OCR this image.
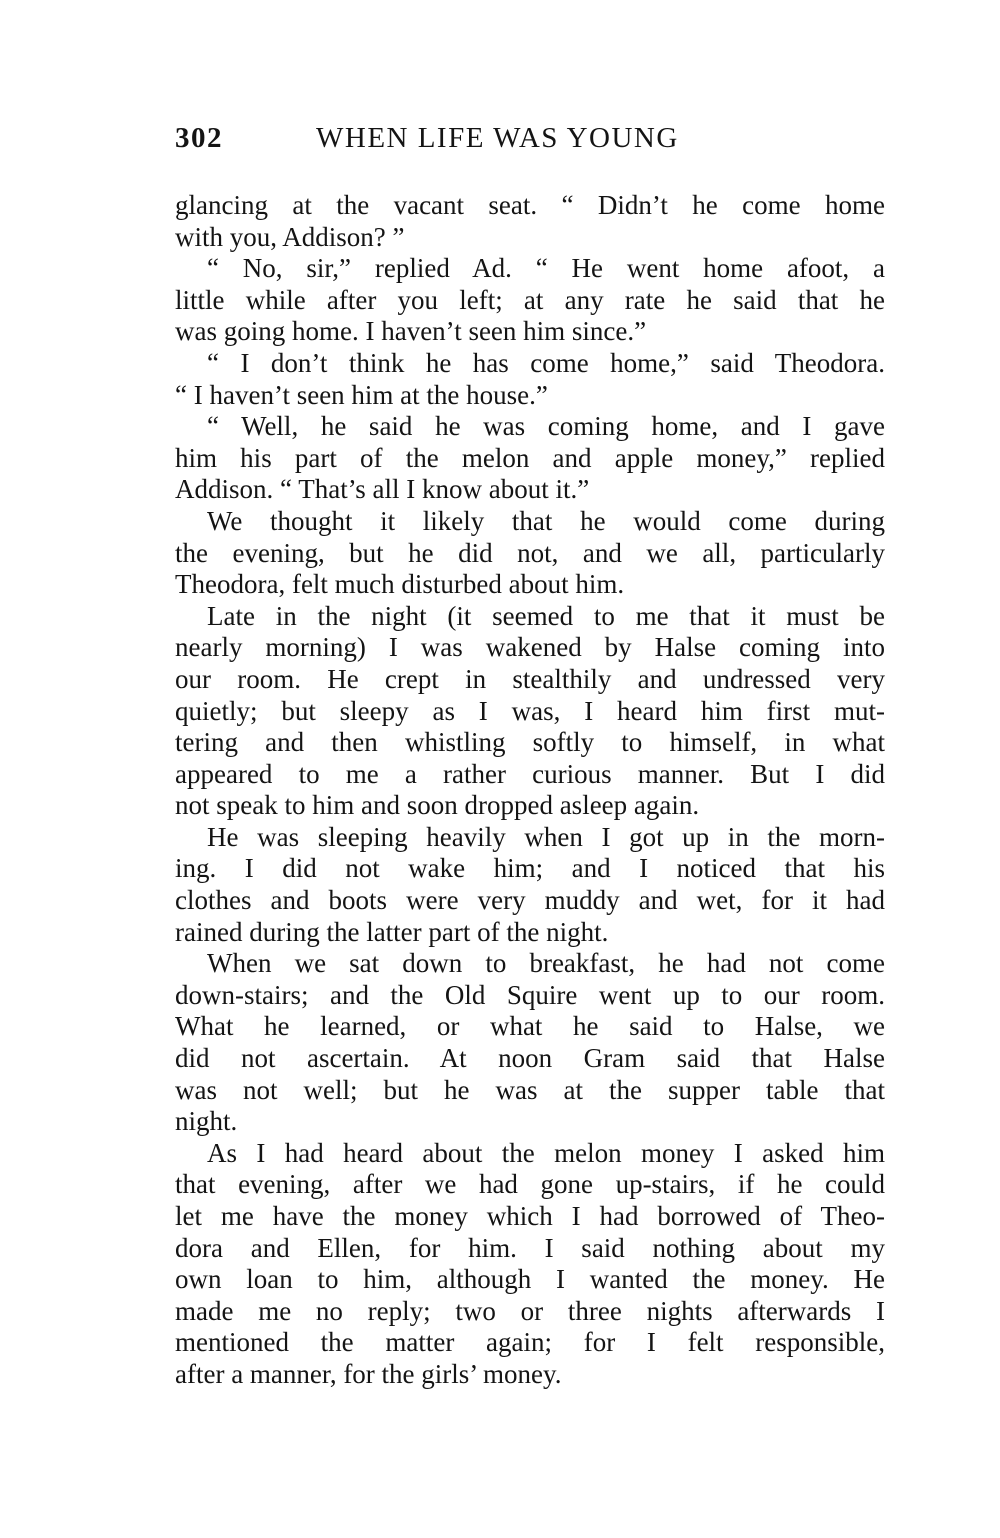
302	WHEN LIFE WAS YOUNG
glancing at the vacant seat. “ Didn’t he come home
with you, Addison? ”
“ No, sir,” replied Ad. “ He went home afoot, a
little while after you left; at any rate he said that he
was going home. I haven’t seen him since.”
“ I don’t think he has come home,” said Theodora.
“ I haven’t seen him at the house.”
“ Well, he said he was coming home, and I gave
him his part of the melon and apple money,” replied
Addison. “ That’s all I know about it.”
We thought it likely that he would come during
the evening, but he did not, and we all, particularly
Theodora, felt much disturbed about him.
Late in the night (it seemed to me that it must be
nearly morning) I was wakened by Halse coming into
our room. He crept in stealthily and undressed very
quietly; but sleepy as I was, I heard him first mut-
tering and then whistling softly to himself, in what
appeared to me a rather curious manner. But I did
not speak to him and soon dropped asleep again.
He was sleeping heavily when I got up in the morn-
ing. I did not wake him; and I noticed that his
clothes and boots were very muddy and wet, for it had
rained during the latter part of the night.
When we sat down to breakfast, he had not come
down-stairs; and the Old Squire went up to our room.
What he learned, or what he said to Halse, we
did not ascertain. At noon Gram said that Halse
was not well; but he was at the supper table that
night.
As I had heard about the melon money I asked him
that evening, after we had gone up-stairs, if he could
let me have the money which I had borrowed of Theo-
dora and Ellen, for him. I said nothing about my
own loan to him, although I wanted the money. He
made me no reply; two or three nights afterwards I
mentioned the matter again; for I felt responsible,
after a manner, for the girls’ money.
